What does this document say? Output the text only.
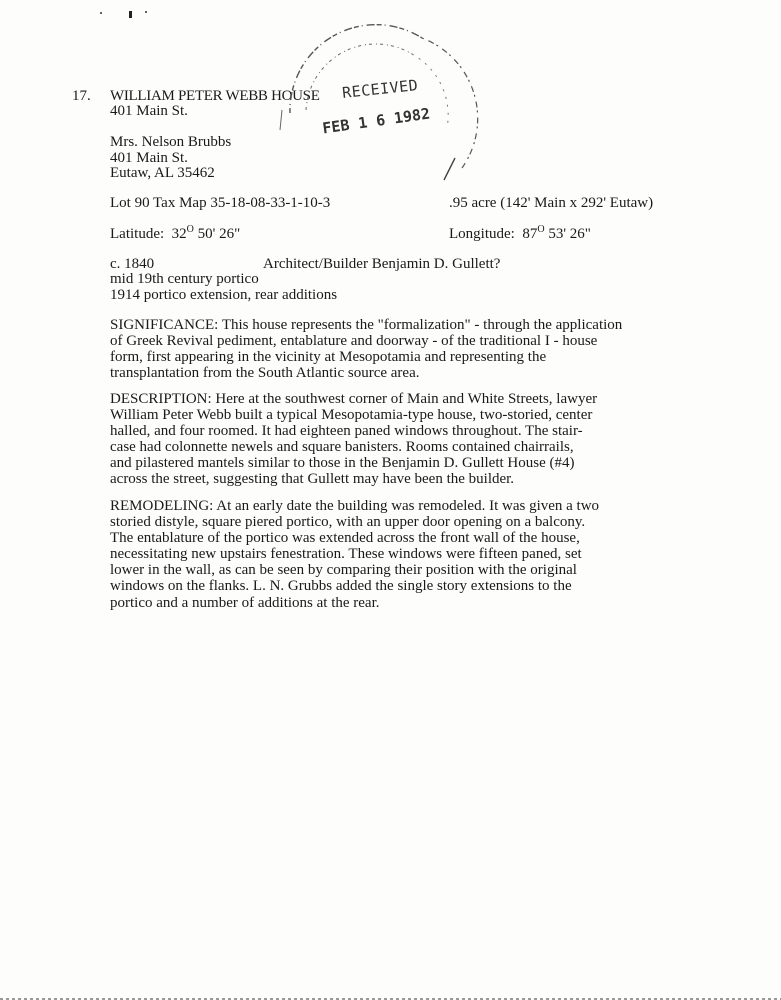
17. WILLIAM PETER WEBB HOUSE
401 Main St.
Mrs. Nelson Brubbs
401 Main St.
Eutaw, AL 35462
RECEIVED
FEB 1 6 1982
Lot 90 Tax Map 35-18-08-33-1-10-3	.95 acre (142' Main x 292' Eutaw)
Latitude: $32^O$ 50' 26"	Longitude: $87^O$ 53' 26"
c. 1840	Architect/Builder Benjamin D. Gullett?
mid 19th century portico
1914 portico extension, rear additions
SIGNIFICANCE: This house represents the "formalization" - through the application
of Greek Revival pediment, entablature and doorway - of the traditional I - house
form, first appearing in the vicinity at Mesopotamia and representing the
transplantation from the South Atlantic source area.
DESCRIPTION: Here at the southwest corner of Main and White Streets, lawyer
William Peter Webb built a typical Mesopotamia-type house, two-storied, center
halled, and four roomed. It had eighteen paned windows throughout. The stair-
case had colonnette newels and square banisters. Rooms contained chairrails,
and pilastered mantels similar to those in the Benjamin D. Gullett House (#4)
across the street, suggesting that Gullett may have been the builder.
REMODELING: At an early date the building was remodeled. It was given a two
storied distyle, square piered portico, with an upper door opening on a balcony.
The entablature of the portico was extended across the front wall of the house,
necessitating new upstairs fenestration. These windows were fifteen paned, set
lower in the wall, as can be seen by comparing their position with the original
windows on the flanks. L. N. Grubbs added the single story extensions to the
portico and a number of additions at the rear.
